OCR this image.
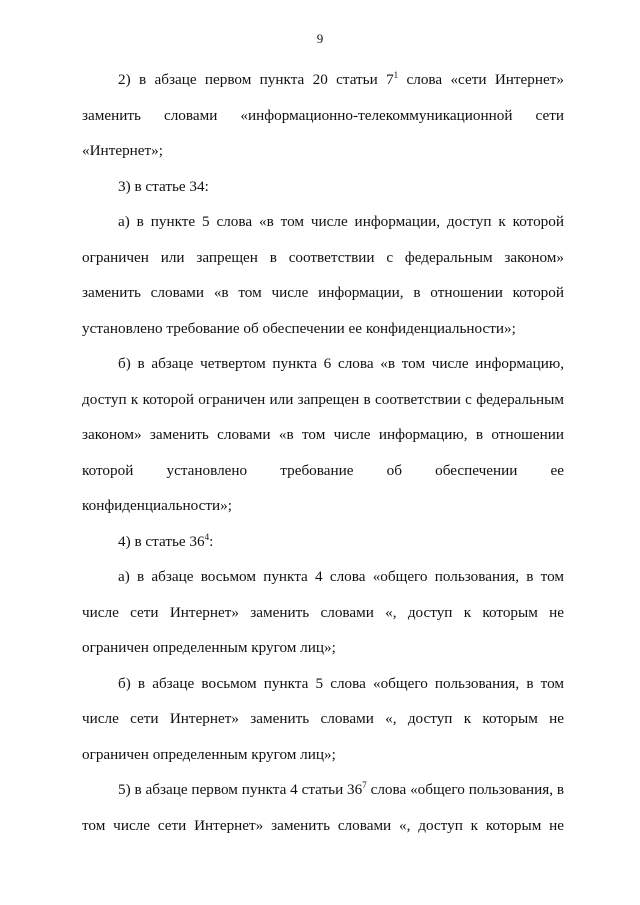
9
2) в абзаце первом пункта 20 статьи $7^1$ слова «сети Интернет»
заменить словами «информационно-телекоммуникационной сети
«Интернет»;

3) в статье 34:

а) в пункте 5 слова «в том числе информации, доступ к которой ограничен или запрещен в соответствии с федеральным законом» заменить словами «в том числе информации, в отношении которой установлено требование об обеспечении ее конфиденциальности»;

б) в абзаце четвертом пункта 6 слова «в том числе информацию, доступ к которой ограничен или запрещен в соответствии с федеральным законом» заменить словами «в том числе информацию, в отношении которой установлено требование об обеспечении ее конфиденциальности»;

4) в статье $36^4$:

а) в абзаце восьмом пункта 4 слова «общего пользования, в том числе сети Интернет» заменить словами «, доступ к которым не ограничен определенным кругом лиц»;

б) в абзаце восьмом пункта 5 слова «общего пользования, в том числе сети Интернет» заменить словами «, доступ к которым не ограничен определенным кругом лиц»;

5) в абзаце первом пункта 4 статьи $36^7$ слова «общего пользования, в том числе сети Интернет» заменить словами «, доступ к которым не
